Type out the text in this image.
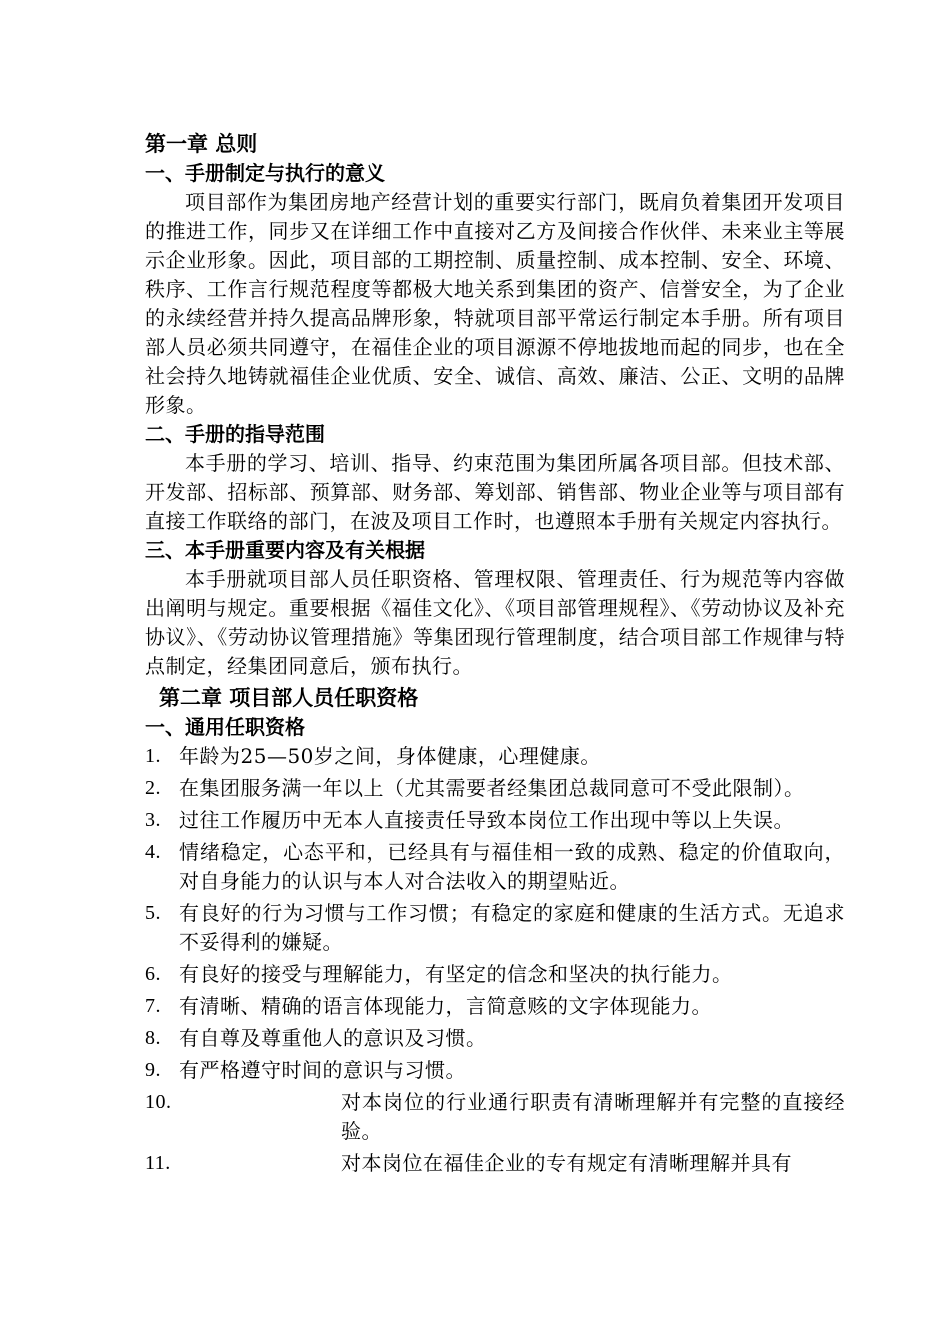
第一章 总则
一、手册制定与执行的意义

项目部作为集团房地产经营计划的重要实行部门，既肩负着集团开发项目的推进工作，同步又在详细工作中直接对乙方及间接合作伙伴、未来业主等展示企业形象。因此，项目部的工期控制、质量控制、成本控制、安全、环境、秩序、工作言行规范程度等都极大地关系到集团的资产、信誉安全，为了企业的永续经营并持久提高品牌形象，特就项目部平常运行制定本手册。所有项目部人员必须共同遵守，在福佳企业的项目源源不停地拔地而起的同步，也在全社会持久地铸就福佳企业优质、安全、诚信、高效、廉洁、公正、文明的品牌形象。

二、手册的指导范围

本手册的学习、培训、指导、约束范围为集团所属各项目部。但技术部、开发部、招标部、预算部、财务部、筹划部、销售部、物业企业等与项目部有直接工作联络的部门，在波及项目工作时，也遵照本手册有关规定内容执行。

三、本手册重要内容及有关根据

本手册就项目部人员任职资格、管理权限、管理责任、行为规范等内容做出阐明与规定。重要根据《福佳文化》、《项目部管理规程》、《劳动协议及补充协议》、《劳动协议管理措施》等集团现行管理制度，结合项目部工作规律与特点制定，经集团同意后，颁布执行。

第二章 项目部人员任职资格
一、通用任职资格
1. 年龄为25—50岁之间，身体健康，心理健康。
2. 在集团服务满一年以上（尤其需要者经集团总裁同意可不受此限制）。
3. 过往工作履历中无本人直接责任导致本岗位工作出现中等以上失误。
4. 情绪稳定，心态平和，已经具有与福佳相一致的成熟、稳定的价值取向，对自身能力的认识与本人对合法收入的期望贴近。
5. 有良好的行为习惯与工作习惯；有稳定的家庭和健康的生活方式。无追求不妥得利的嫌疑。
6. 有良好的接受与理解能力，有坚定的信念和坚决的执行能力。
7. 有清晰、精确的语言体现能力，言简意赅的文字体现能力。
8. 有自尊及尊重他人的意识及习惯。
9. 有严格遵守时间的意识与习惯。
10.	对本岗位的行业通行职责有清晰理解并有完整的直接经验。
11.	对本岗位在福佳企业的专有规定有清晰理解并具有
